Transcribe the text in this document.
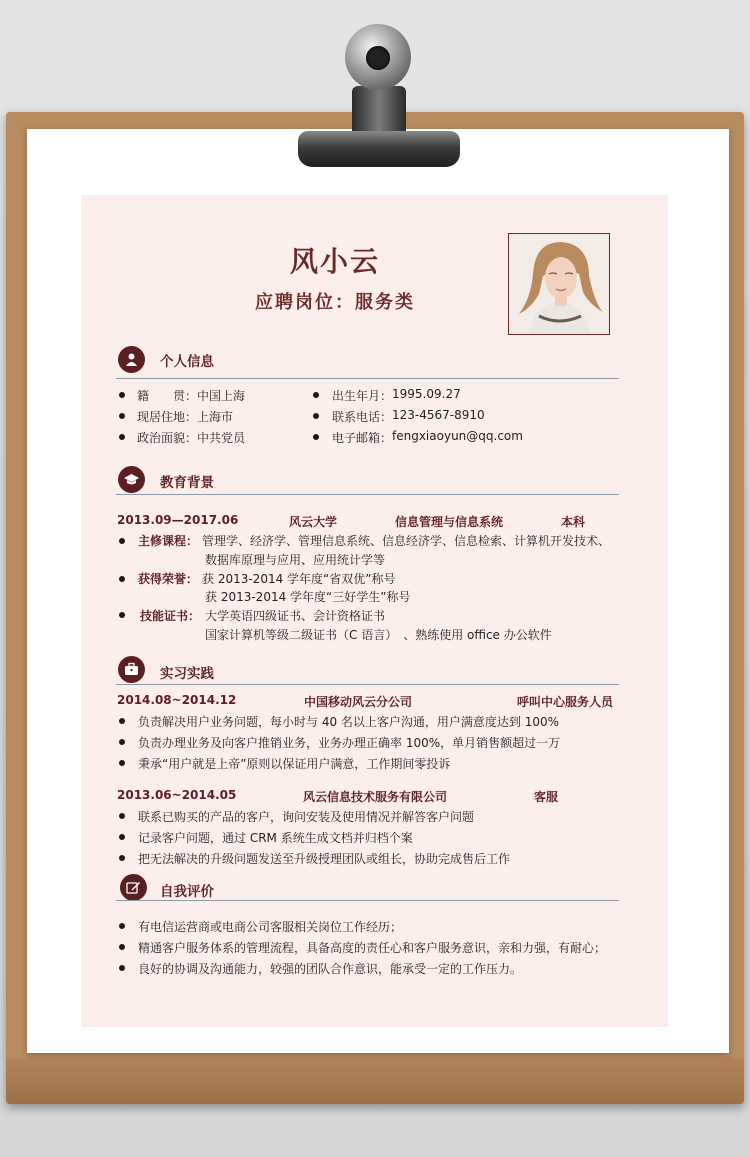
风小云
应聘岗位：服务类
个人信息
籍　　贯： 中国上海
现居住地： 上海市
政治面貌： 中共党员
出生年月： 1995.09.27
联系电话： 123-4567-8910
电子邮箱： fengxiaoyun@qq.com
教育背景
2013.09—2017.06	风云大学	信息管理与信息系统	本科
主修课程： 管理学、经济学、管理信息系统、信息经济学、信息检索、计算机开发技术、
数据库原理与应用、应用统计学等
获得荣誉： 获 2013-2014 学年度“省双优”称号
获 2013-2014 学年度“三好学生”称号
技能证书： 大学英语四级证书、会计资格证书
国家计算机等级二级证书（C 语言）　、熟练使用 office 办公软件
实习实践
2014.08~2014.12	中国移动风云分公司	呼叫中心服务人员
负责解决用户业务问题，每小时与 40 名以上客户沟通，用户满意度达到 100%
负责办理业务及向客户推销业务，业务办理正确率 100%，单月销售额超过一万
秉承“用户就是上帝”原则以保证用户满意，工作期间零投诉
2013.06~2014.05	风云信息技术服务有限公司	客服
联系已购买的产品的客户，询问安装及使用情况并解答客户问题
记录客户问题，通过 CRM 系统生成文档并归档个案
把无法解决的升级问题发送至升级授理团队或组长，协助完成售后工作
自我评价
有电信运营商或电商公司客服相关岗位工作经历；
精通客户服务体系的管理流程，具备高度的责任心和客户服务意识，亲和力强，有耐心；
良好的协调及沟通能力，较强的团队合作意识，能承受一定的工作压力。
